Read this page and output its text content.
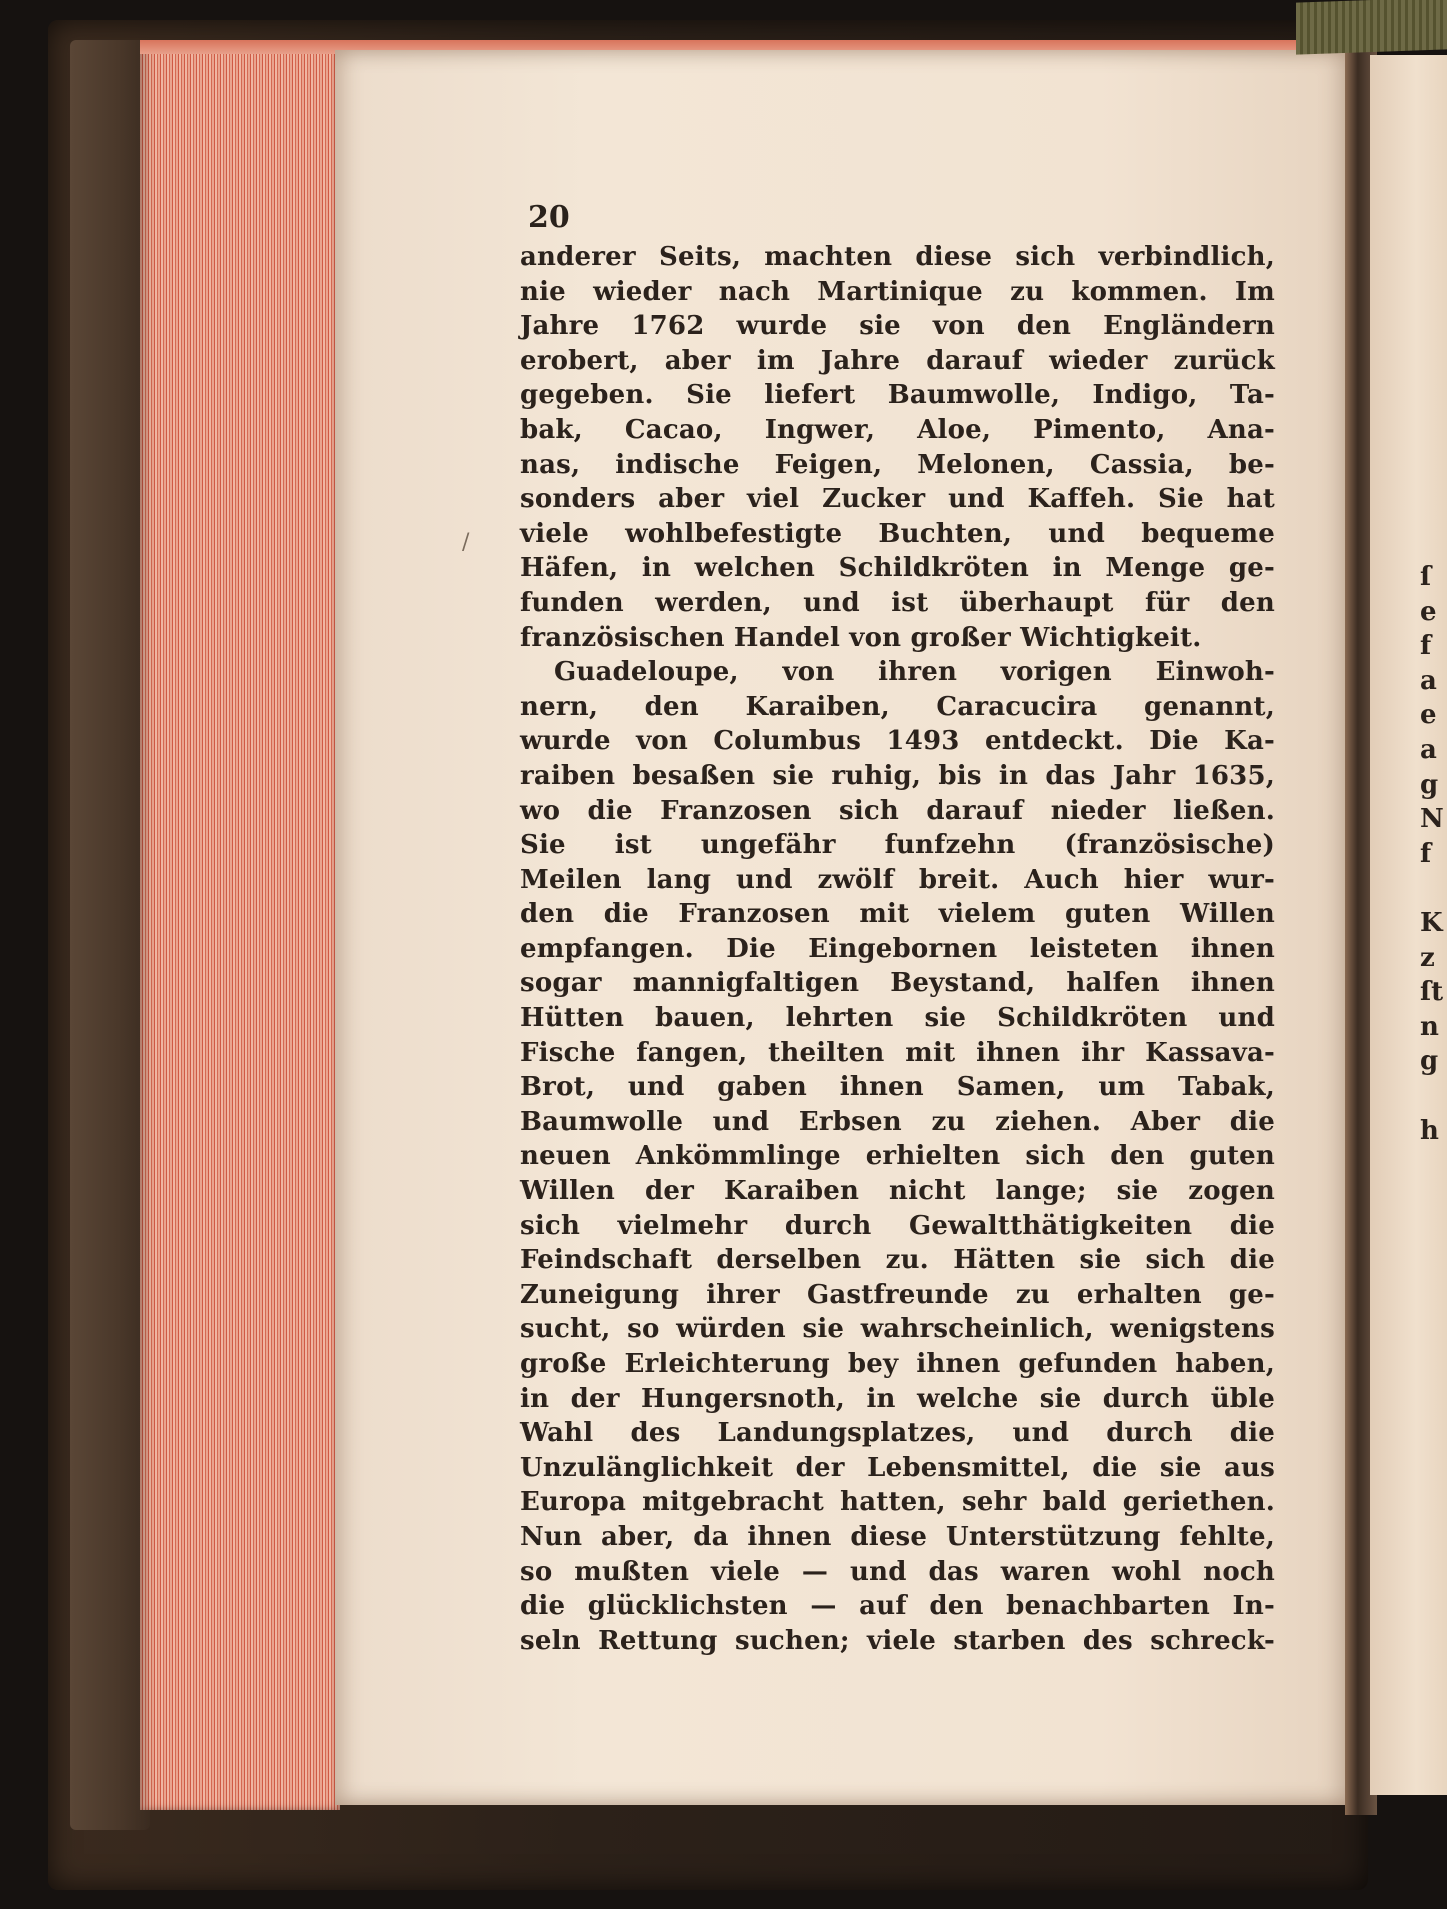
20
/
anderer Seits, machten diese sich verbindlich,
nie wieder nach Martinique zu kommen. Im
Jahre 1762 wurde sie von den Engländern
erobert, aber im Jahre darauf wieder zurück
gegeben. Sie liefert Baumwolle, Indigo, Ta-
bak, Cacao, Ingwer, Aloe, Pimento, Ana-
nas, indische Feigen, Melonen, Cassia, be-
sonders aber viel Zucker und Kaffeh. Sie hat
viele wohlbefestigte Buchten, und bequeme
Häfen, in welchen Schildkröten in Menge ge-
funden werden, und ist überhaupt für den
französischen Handel von großer Wichtigkeit.
Guadeloupe, von ihren vorigen Einwoh-
nern, den Karaiben, Caracucira genannt,
wurde von Columbus 1493 entdeckt. Die Ka-
raiben besaßen sie ruhig, bis in das Jahr 1635,
wo die Franzosen sich darauf nieder ließen.
Sie ist ungefähr funfzehn (französische)
Meilen lang und zwölf breit. Auch hier wur-
den die Franzosen mit vielem guten Willen
empfangen. Die Eingebornen leisteten ihnen
sogar mannigfaltigen Beystand, halfen ihnen
Hütten bauen, lehrten sie Schildkröten und
Fische fangen, theilten mit ihnen ihr Kassava-
Brot, und gaben ihnen Samen, um Tabak,
Baumwolle und Erbsen zu ziehen. Aber die
neuen Ankömmlinge erhielten sich den guten
Willen der Karaiben nicht lange; sie zogen
sich vielmehr durch Gewaltthätigkeiten die
Feindschaft derselben zu. Hätten sie sich die
Zuneigung ihrer Gastfreunde zu erhalten ge-
sucht, so würden sie wahrscheinlich, wenigstens
große Erleichterung bey ihnen gefunden haben,
in der Hungersnoth, in welche sie durch üble
Wahl des Landungsplatzes, und durch die
Unzulänglichkeit der Lebensmittel, die sie aus
Europa mitgebracht hatten, sehr bald geriethen.
Nun aber, da ihnen diese Unterstützung fehlte,
so mußten viele — und das waren wohl noch
die glücklichsten — auf den benachbarten In-
seln Rettung suchen; viele starben des schreck-
ſ
e
f
a
e
a
g
N
f
K
z
ſt
n
g
h
